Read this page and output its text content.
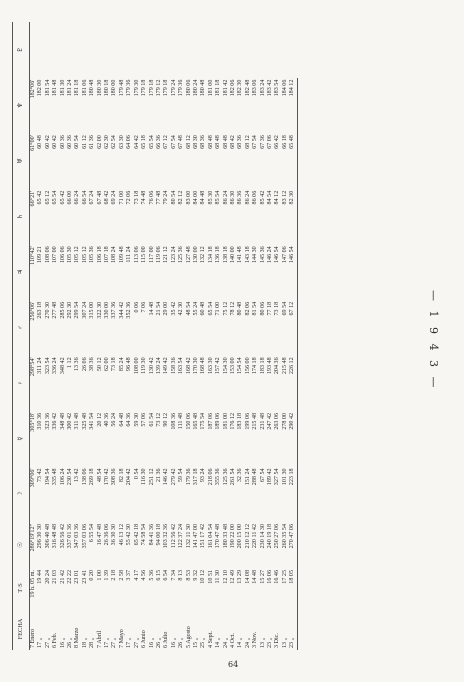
— 1 9 4 3 —
FECHA	T·S	☉	☽	☿	♀	♂	♃	♄	♅	♆	♇
7 Enero	19 h. 05 m.	286°19'12"	309°06'	305°18'	298°54'	256°06'	110°42'	66°21'	61°00'	182°06'	
17 „	19 44	296 30 30	73 42	310 36	311 24	263 18	109 21	65 42	60 48	182 00	
27 „	20 24	306 40 48	194 54	323 36	323 54	270 30	108 06	65 12	60 42	181 54	
6 Feb.	21 03	316 48 48	335 48	336 42	336 24	277 48	107 00	65 54	60 42	181 48	
16 „	21 42	326 56 42	106 24	348 48	348 42	285 06	106 06	65 42	60 36	181 30	
26 „	22 22	337 01 36	230 54	300 42	1 12	292 30	105 30	66 00	60 36	181 24	
8 Marzo	23 01	347 03 36	13 42	311 48	13 36	299 54	105 12	66 24	60 54	181 18	
18 „	23 41	357 03 06	138 06	325 48	26 06	307 24	105 12	66 54	61 12	181 06	
28 „	0 20	6 55 54	269 18	341 54	38 36	315 00	105 36	67 24	61 36	180 48	
7 Abril	1 00	16 47 48	48 54	20 12	50 12	322 30	106 18	67 48	62 00	180 30	
17 „	1 39	26 36 06	170 42	40 36	62 00	330 00	107 18	68 42	62 30	180 18	
27 „	2 18	36 30 30	308 36	56 24	73 18	337 36	108 24	69 24	62 54	180 00	
7 Mayo	2 58	46 13 12	82 18	64 48	85 24	344 42	109 48	71 00	63 30	179 48	
17 „	3 37	55 42 30	204 42	64 36	96 48	352 36	111 24	72 06	64 06	179 36	
27 „	4 17	65 42 18	0 54	59 30	108 00	0 06	113 06	73 18	64 42	179 30	
6 Junio	4 56	74 58 54	116 30	57 06	119 30	7 06	115 00	74 48	65 18	179 18	
16 „	5 36	84 41 36	251 12	61 54	130 42	14 48	117 00	76 06	65 54	179 18	
26 „	6 15	94 00 18	21 36	73 12	139 24	21 54	119 06	77 48	66 36	179 12	
6 Julio	6 54	103 32 36	146 42	90 12	149 42	29 00	121 12	79 24	67 12	179 18	
16 „	7 34	112 56 42	279 42	108 36	158 36	35 42	123 24	80 54	67 54	179 24	
26 „	8 13	122 37 24	59 54	111 48	163 54	42 30	125 36	82 12	67 48	179 36	
5 Agosto	8 53	132 11 30	179 36	150 06	168 42	48 54	127 48	83 00	68 12	180 06	
15 „	9 32	141 47 00	317 18	165 48	170 30	55 24	130 00	84 00	68 30	180 24	
25 „	10 12	151 17 42	93 24	175 54	168 48	60 48	132 12	84 48	68 36	180 48	
4 Sept.	10 51	161 04 54	218 06	187 06	163 30	65 54	134 18	85 30	68 48	181 00	
14 „	11 30	170 47 48	355 36	189 06	157 42	71 00	136 18	85 54	68 48	181 18	
24 „	12 10	180 33 48	125 36	181 00	154 30	75 12	138 18	86 24	68 48	181 42	
4 Oct.	12 49	190 22 00	261 54	176 12	153 00	78 12	140 00	86 30	68 42	182 06	
14 „	13 29	200 15 00	32 36	183 18	154 54	80 48	141 48	86 36	68 36	182 30	
24 „	14 08	210 12 12	151 24	199 06	156 00	82 06	143 18	86 24	68 12	182 48	
3 Nov.	14 48	220 11 42	288 48	215 48	174 18	81 54	144 30	86 06	67 54	183 06	
13 „	15 27	230 14 30	67 54	231 48	183 18	80 06	145 36	85 42	67 36	183 24	
23 „	16 06	240 19 18	189 42	247 42	193 48	77 18	146 24	84 54	67 06	183 42	
3 Dic.	16 46	250 27 06	327 54	263 06	204 36	73 18	146 54	84 12	66 42	183 54	
13 „	17 25	260 35 54	101 30	278 00	215 48	69 54	147 06	83 12	66 18	184 06	
23 „	18 05	270 47 06	223 18	290 42	226 12	67 12	146 54	82 30	65 48	184 12	
64
